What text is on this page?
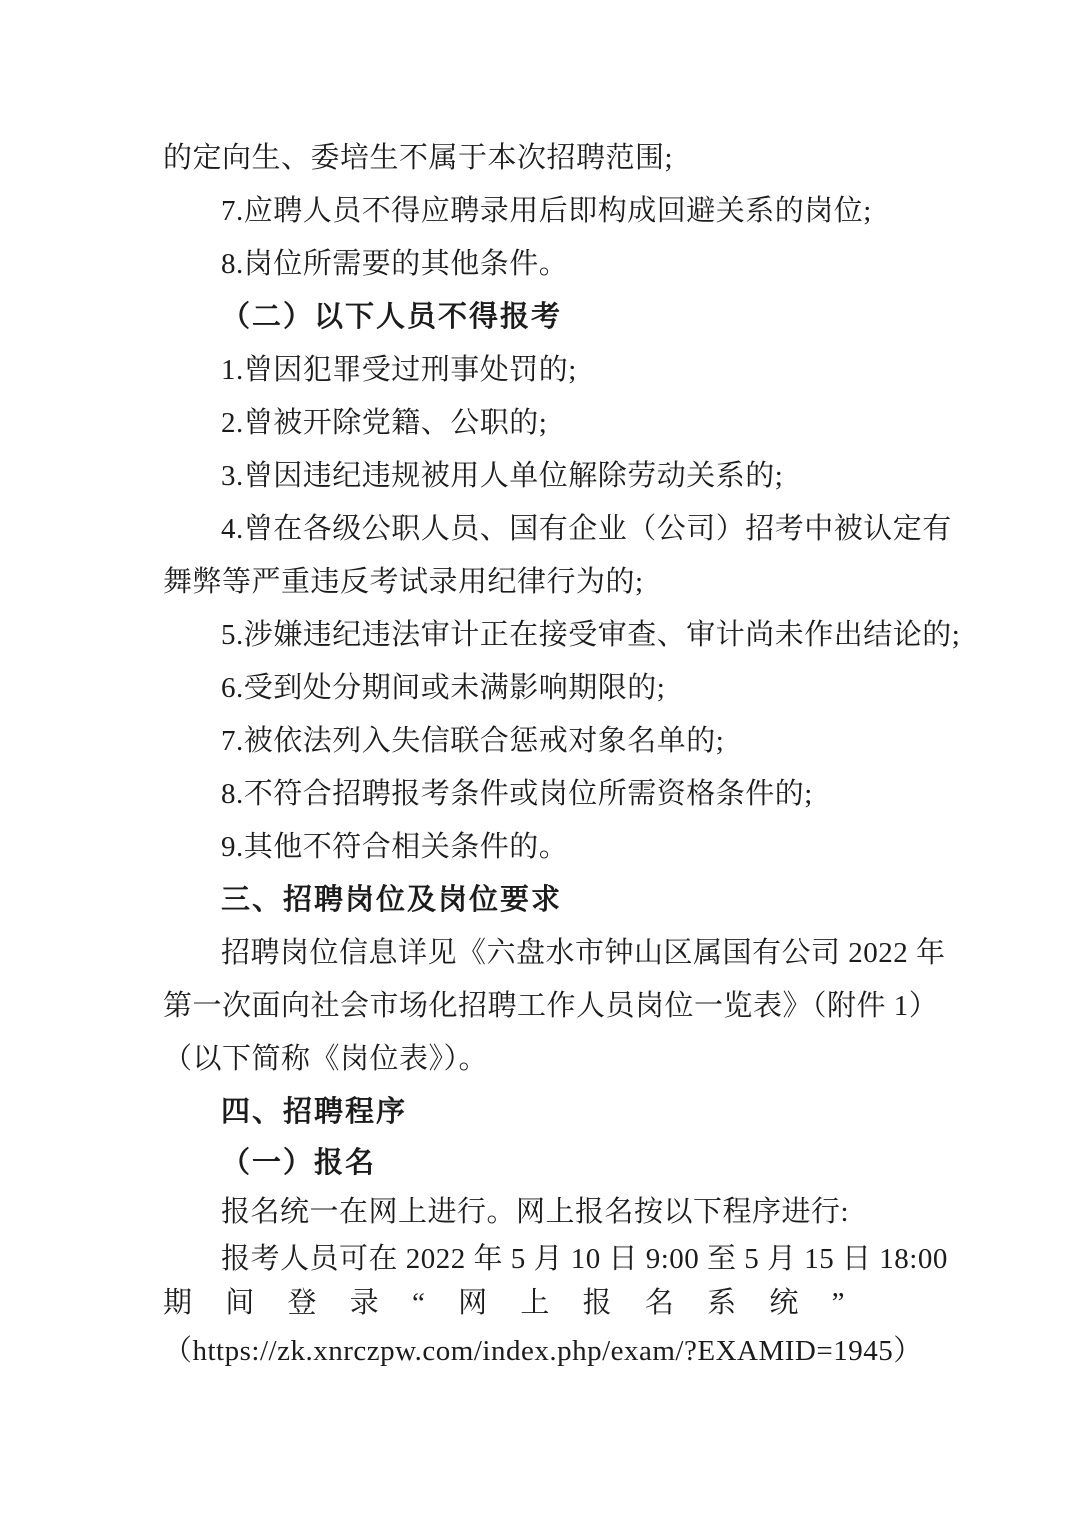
的定向生、委培生不属于本次招聘范围;
7.应聘人员不得应聘录用后即构成回避关系的岗位;
8.岗位所需要的其他条件。
（二）以下人员不得报考
1.曾因犯罪受过刑事处罚的;
2.曾被开除党籍、公职的;
3.曾因违纪违规被用人单位解除劳动关系的;
4.曾在各级公职人员、国有企业（公司）招考中被认定有
舞弊等严重违反考试录用纪律行为的;
5.涉嫌违纪违法审计正在接受审查、审计尚未作出结论的;
6.受到处分期间或未满影响期限的;
7.被依法列入失信联合惩戒对象名单的;
8.不符合招聘报考条件或岗位所需资格条件的;
9.其他不符合相关条件的。
三、招聘岗位及岗位要求
招聘岗位信息详见《六盘水市钟山区属国有公司 2022 年
第一次面向社会市场化招聘工作人员岗位一览表》（附件 1）
（以下简称《岗位表》）。
四、招聘程序
（一）报名
报名统一在网上进行。网上报名按以下程序进行:
报考人员可在 2022 年 5 月 10 日 9:00 至 5 月 15 日 18:00
期 间 登 录 “ 网 上 报 名 系 统 ”
（https://zk.xnrczpw.com/index.php/exam/?EXAMID=1945）
